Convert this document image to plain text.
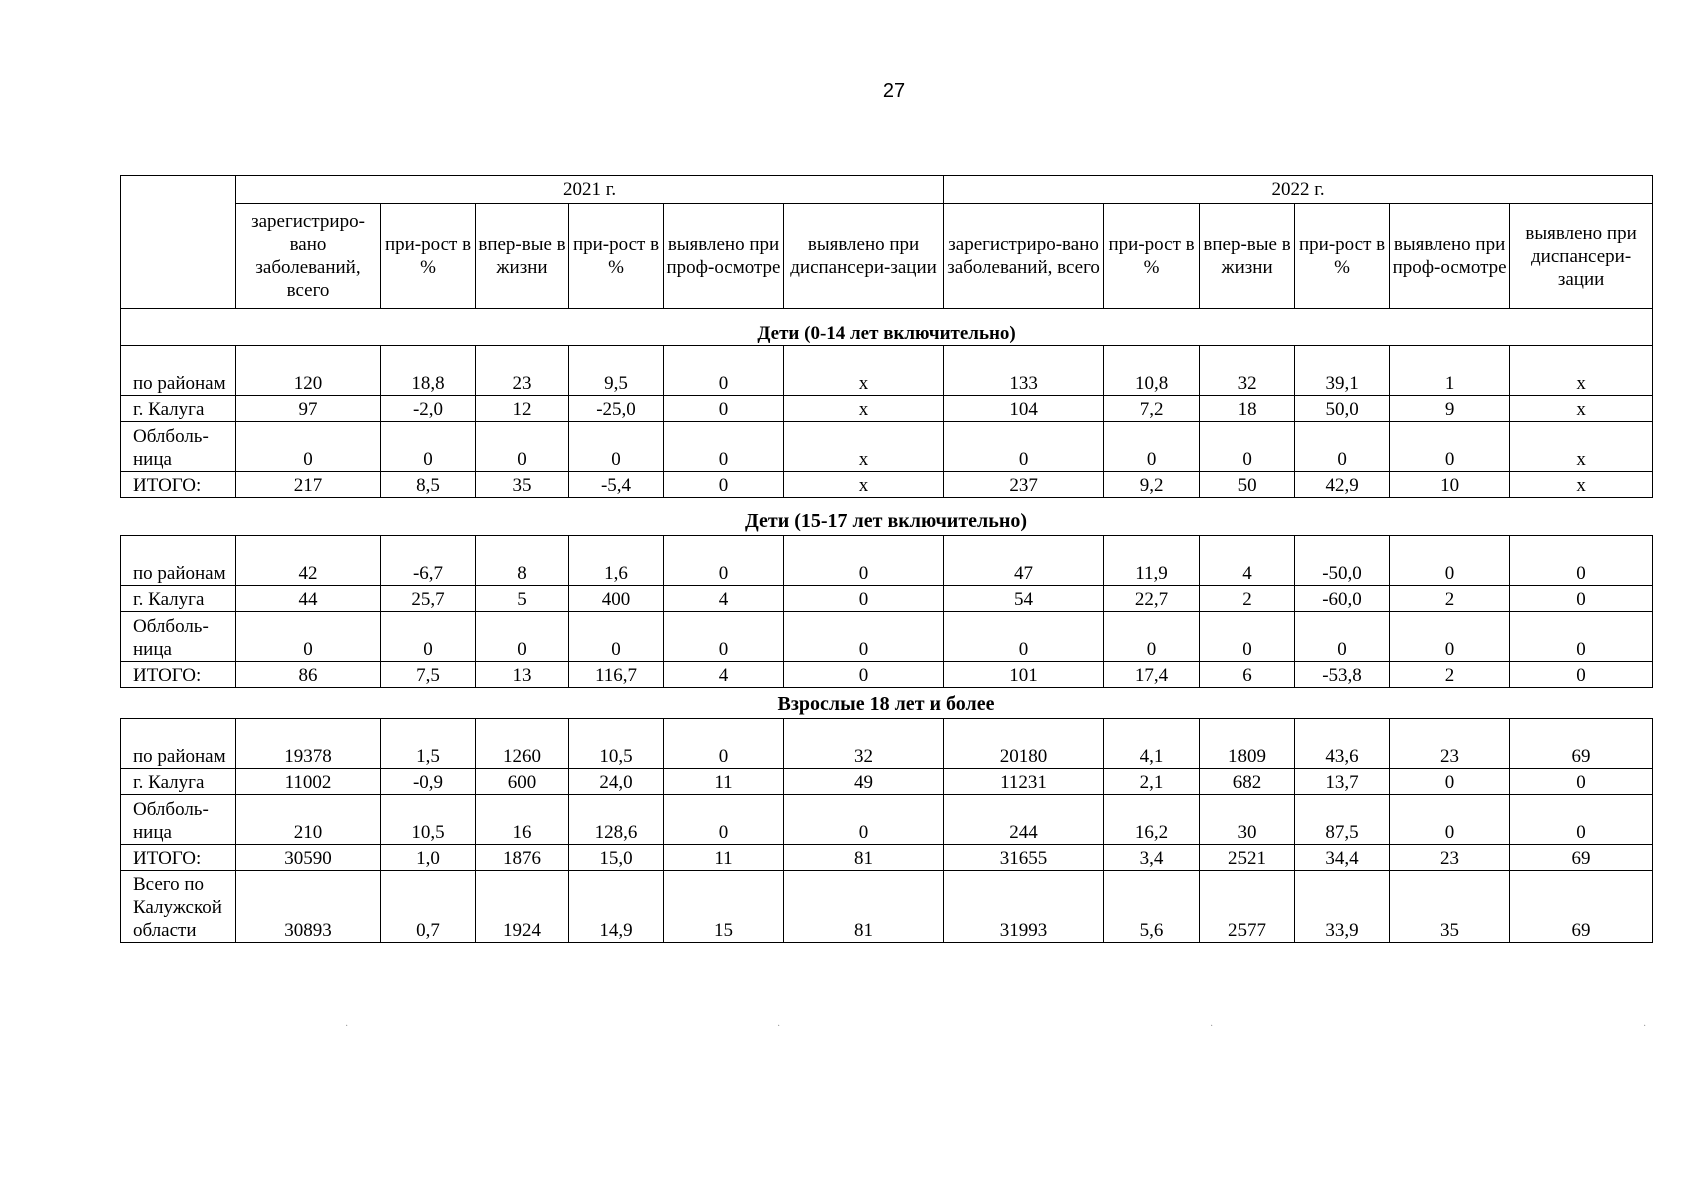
27
	2021 г.						2022 г.					
	зарегистриро-вано заболеваний, всего	при-рост в %	впер-вые в жизни	при-рост в %	выявлено при проф-осмотре	выявлено при диспансери-зации	зарегистриро-вано заболеваний, всего	при-рост в %	впер-вые в жизни	при-рост в %	выявлено при проф-осмотре	выявлено при диспансери-зации
Дети (0-14 лет включительно)												
по районам	120	18,8	23	9,5	0	х	133	10,8	32	39,1	1	х
г. Калуга	97	-2,0	12	-25,0	0	х	104	7,2	18	50,0	9	х
Облболь-ница	0	0	0	0	0	х	0	0	0	0	0	х
ИТОГО:	217	8,5	35	-5,4	0	х	237	9,2	50	42,9	10	х
Дети (15-17 лет включительно)
по районам	42	-6,7	8	1,6	0	0	47	11,9	4	-50,0	0	0
г. Калуга	44	25,7	5	400	4	0	54	22,7	2	-60,0	2	0
Облболь-ница	0	0	0	0	0	0	0	0	0	0	0	0
ИТОГО:	86	7,5	13	116,7	4	0	101	17,4	6	-53,8	2	0
Взрослые 18 лет и более
по районам	19378	1,5	1260	10,5	0	32	20180	4,1	1809	43,6	23	69
г. Калуга	11002	-0,9	600	24,0	11	49	11231	2,1	682	13,7	0	0
Облболь-ница	210	10,5	16	128,6	0	0	244	16,2	30	87,5	0	0
ИТОГО:	30590	1,0	1876	15,0	11	81	31655	3,4	2521	34,4	23	69
Всего по Калужской области	30893	0,7	1924	14,9	15	81	31993	5,6	2577	33,9	35	69
·	·	·	·
